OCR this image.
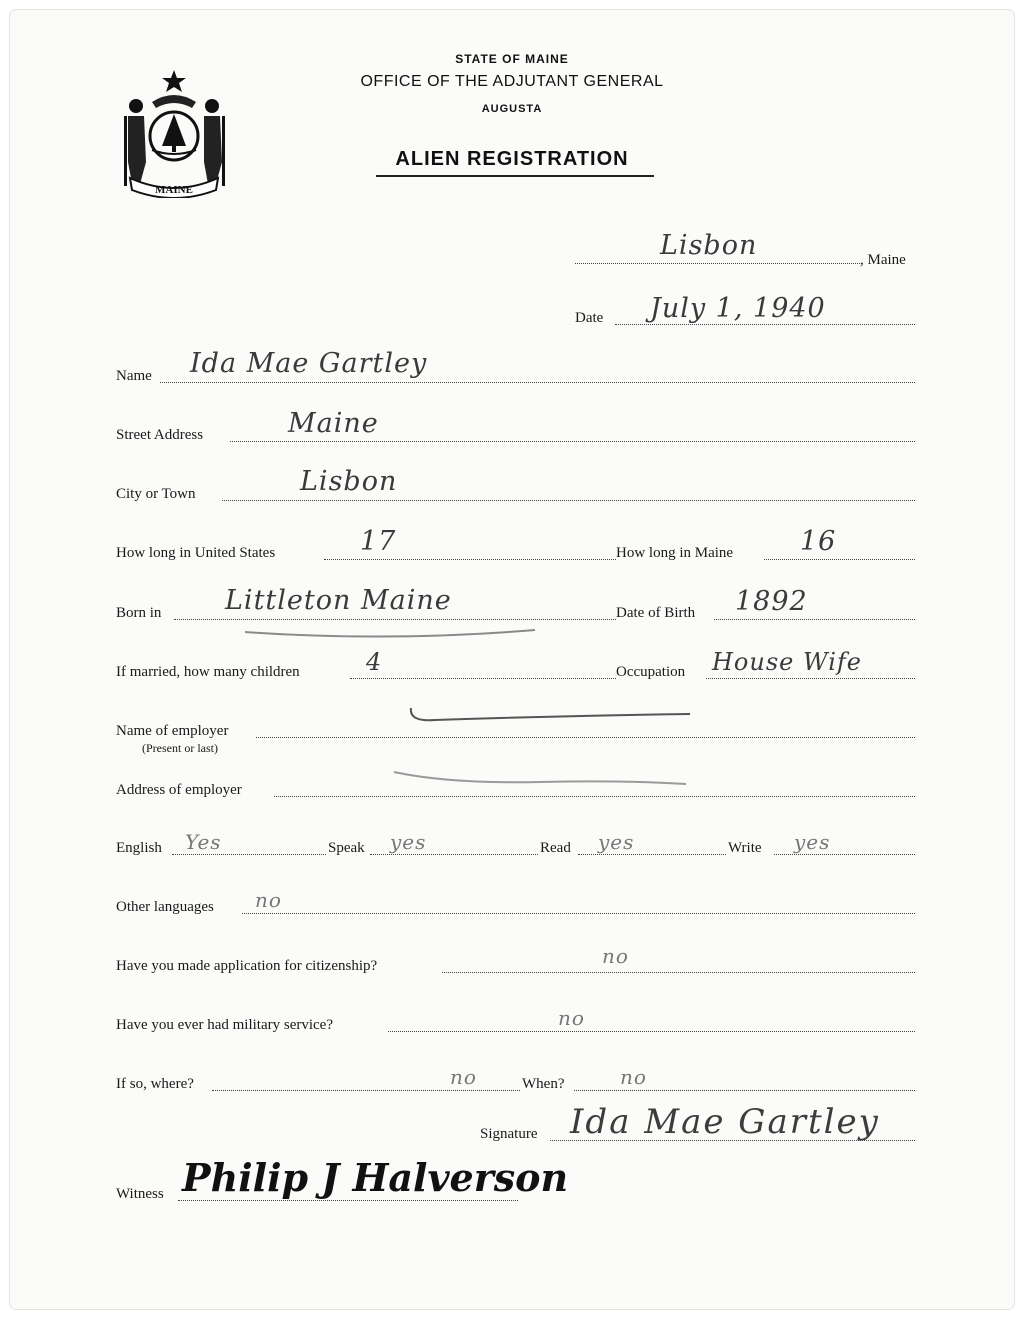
MAINE
STATE OF MAINE
OFFICE OF THE ADJUTANT GENERAL
AUGUSTA
ALIEN REGISTRATION
Lisbon	, Maine
Date July 1, 1940
Name Ida Mae Gartley
Street Address	Maine
City or Town	Lisbon
How long in United States	17	How long in Maine 16
Born in Littleton Maine	Date of Birth 1892
If married, how many children	4	Occupation House Wife
Name of employer
(Present or last)
Address of employer
English Yes	Speak yes	Read yes	Write yes
Other languages no
Have you made application for citizenship?	no
Have you ever had military service?	no
If so, where?	no	When?	no
Signature Ida Mae Gartley
Witness Philip J Halverson
